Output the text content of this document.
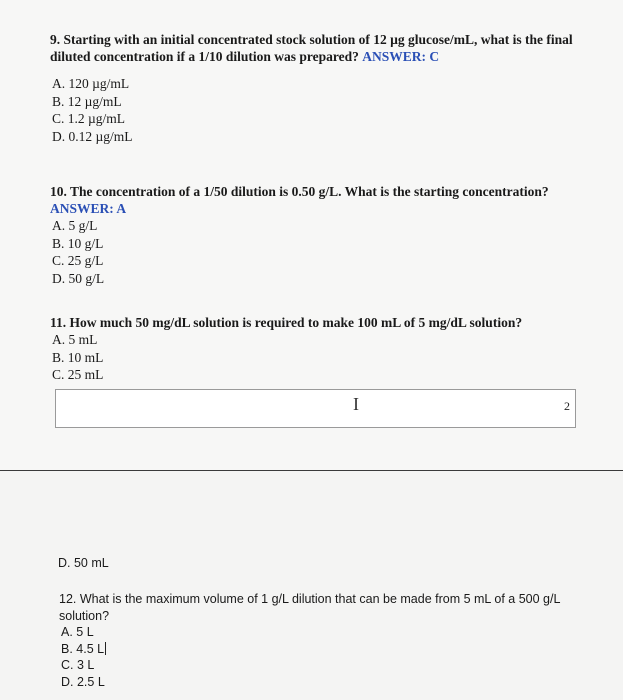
9. Starting with an initial concentrated stock solution of 12 µg glucose/mL, what is the final diluted concentration if a 1/10 dilution was prepared? ANSWER: C
A. 120 µg/mL
B. 12 µg/mL
C. 1.2 µg/mL
D. 0.12 µg/mL
10. The concentration of a 1/50 dilution is 0.50 g/L. What is the starting concentration?
ANSWER: A
A. 5 g/L
B. 10 g/L
C. 25 g/L
D. 50 g/L
11. How much 50 mg/dL solution is required to make 100 mL of 5 mg/dL solution?
A. 5 mL
B. 10 mL
C. 25 mL
I	2
D. 50 mL
12. What is the maximum volume of 1 g/L dilution that can be made from 5 mL of a 500 g/L solution?
A. 5 L
B. 4.5 L
C. 3 L
D. 2.5 L
